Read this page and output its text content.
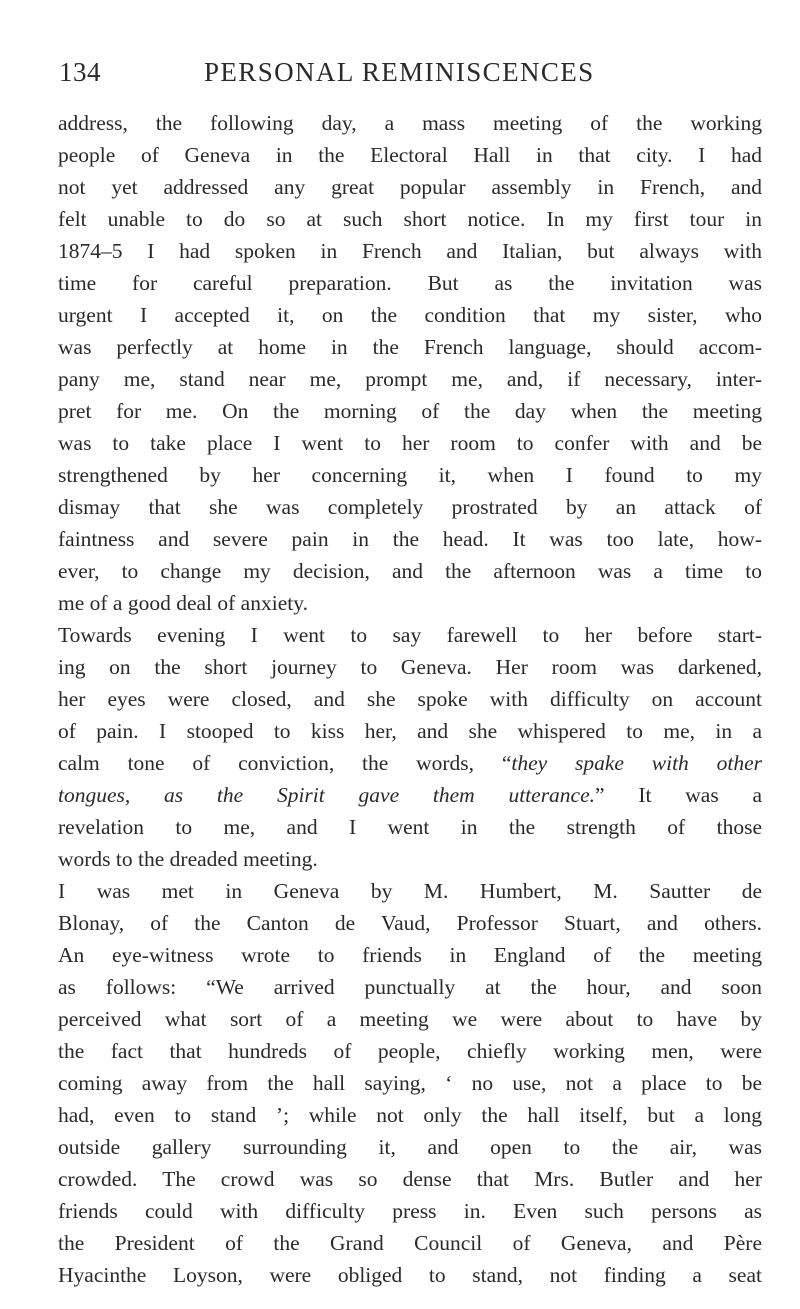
134	PERSONAL REMINISCENCES
address, the following day, a mass meeting of the working
people of Geneva in the Electoral Hall in that city. I had
not yet addressed any great popular assembly in French, and
felt unable to do so at such short notice. In my first tour in
1874–5 I had spoken in French and Italian, but always with
time for careful preparation. But as the invitation was
urgent I accepted it, on the condition that my sister, who
was perfectly at home in the French language, should accom-
pany me, stand near me, prompt me, and, if necessary, inter-
pret for me. On the morning of the day when the meeting
was to take place I went to her room to confer with and be
strengthened by her concerning it, when I found to my
dismay that she was completely prostrated by an attack of
faintness and severe pain in the head. It was too late, how-
ever, to change my decision, and the afternoon was a time to
me of a good deal of anxiety.
Towards evening I went to say farewell to her before start-
ing on the short journey to Geneva. Her room was darkened,
her eyes were closed, and she spoke with difficulty on account
of pain. I stooped to kiss her, and she whispered to me, in a
calm tone of conviction, the words, “they spake with other
tongues, as the Spirit gave them utterance.” It was a
revelation to me, and I went in the strength of those
words to the dreaded meeting.
I was met in Geneva by M. Humbert, M. Sautter de
Blonay, of the Canton de Vaud, Professor Stuart, and others.
An eye-witness wrote to friends in England of the meeting
as follows: “We arrived punctually at the hour, and soon
perceived what sort of a meeting we were about to have by
the fact that hundreds of people, chiefly working men, were
coming away from the hall saying, ‘ no use, not a place to be
had, even to stand ’; while not only the hall itself, but a long
outside gallery surrounding it, and open to the air, was
crowded. The crowd was so dense that Mrs. Butler and her
friends could with difficulty press in. Even such persons as
the President of the Grand Council of Geneva, and Père
Hyacinthe Loyson, were obliged to stand, not finding a seat
